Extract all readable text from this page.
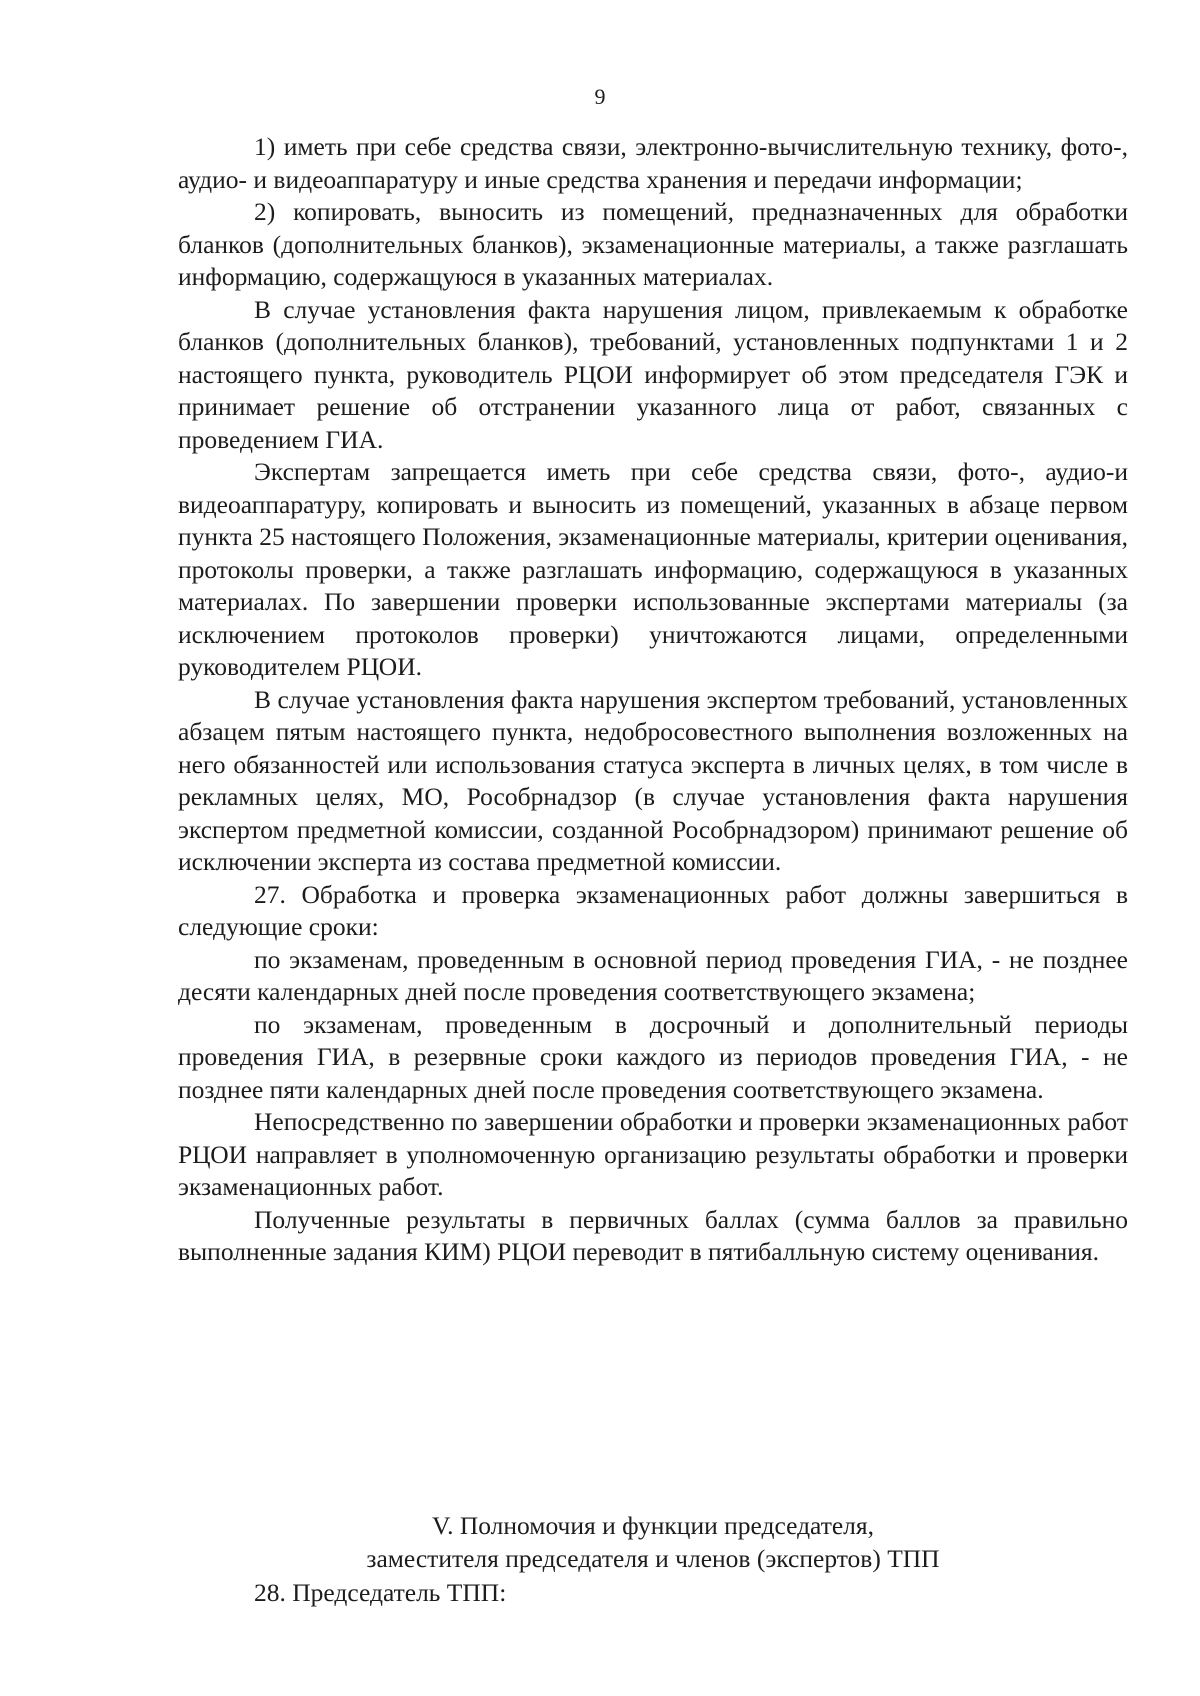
9

1) иметь при себе средства связи, электронно-вычислительную технику, фото-, аудио- и видеоаппаратуру и иные средства хранения и передачи информации;

2) копировать, выносить из помещений, предназначенных для обработки бланков (дополнительных бланков), экзаменационные материалы, а также разглашать информацию, содержащуюся в указанных материалах.

В случае установления факта нарушения лицом, привлекаемым к обработке бланков (дополнительных бланков), требований, установленных подпунктами 1 и 2 настоящего пункта, руководитель РЦОИ информирует об этом председателя ГЭК и принимает решение об отстранении указанного лица от работ, связанных с проведением ГИА.

Экспертам запрещается иметь при себе средства связи, фото-, аудио-и видеоаппаратуру, копировать и выносить из помещений, указанных в абзаце первом пункта 25 настоящего Положения, экзаменационные материалы, критерии оценивания, протоколы проверки, а также разглашать информацию, содержащуюся в указанных материалах. По завершении проверки использованные экспертами материалы (за исключением протоколов проверки) уничтожаются лицами, определенными руководителем РЦОИ.

В случае установления факта нарушения экспертом требований, установленных абзацем пятым настоящего пункта, недобросовестного выполнения возложенных на него обязанностей или использования статуса эксперта в личных целях, в том числе в рекламных целях, МО, Рособрнадзор (в случае установления факта нарушения экспертом предметной комиссии, созданной Рособрнадзором) принимают решение об исключении эксперта из состава предметной комиссии.

27. Обработка и проверка экзаменационных работ должны завершиться в следующие сроки:

по экзаменам, проведенным в основной период проведения ГИА, - не позднее десяти календарных дней после проведения соответствующего экзамена;

по экзаменам, проведенным в досрочный и дополнительный периоды проведения ГИА, в резервные сроки каждого из периодов проведения ГИА, - не позднее пяти календарных дней после проведения соответствующего экзамена.

Непосредственно по завершении обработки и проверки экзаменационных работ РЦОИ направляет в уполномоченную организацию результаты обработки и проверки экзаменационных работ.

Полученные результаты в первичных баллах (сумма баллов за правильно выполненные задания КИМ) РЦОИ переводит в пятибалльную систему оценивания.

V. Полномочия и функции председателя,
заместителя председателя и членов (экспертов) ТПП

28. Председатель ТПП:
